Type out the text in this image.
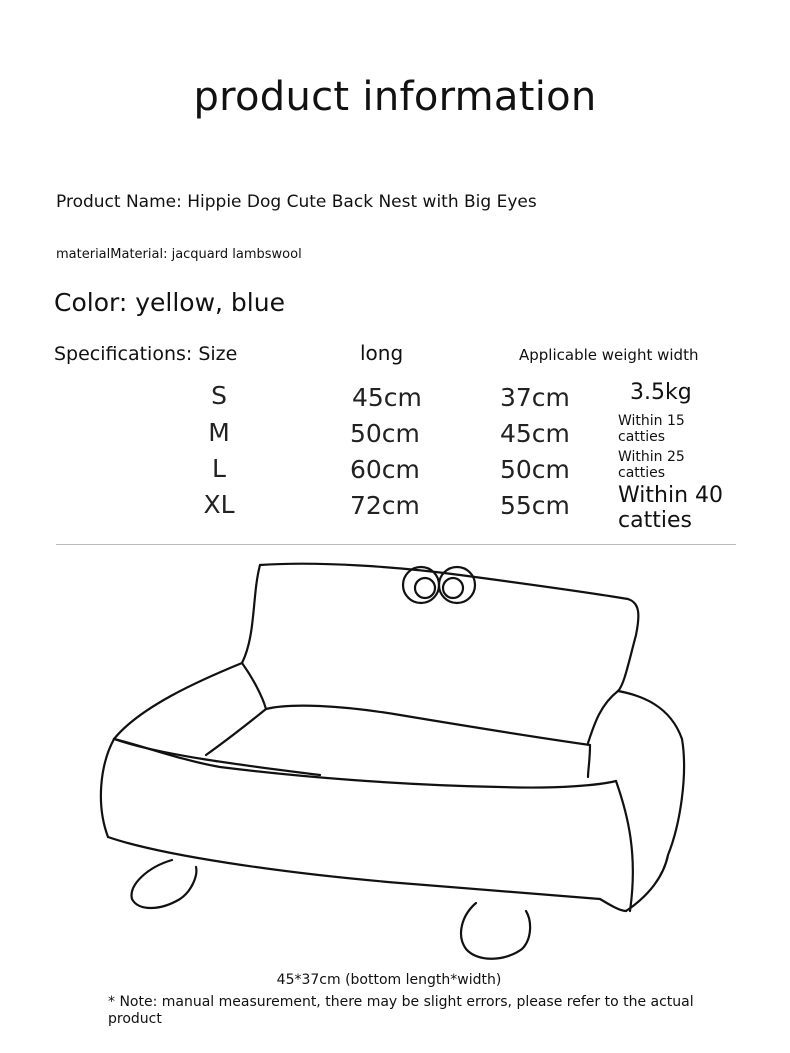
product information
Product Name: Hippie Dog Cute Back Nest with Big Eyes
materialMaterial: jacquard lambswool
Color: yellow, blue
Specifications: Size	long	Applicable weight width
S	45cm	37cm	3.5kg
M	50cm	45cm	Within 15 catties
L	60cm	50cm	Within 25 catties
XL	72cm	55cm Within 40 catties
45*37cm (bottom length*width)
* Note: manual measurement, there may be slight errors, please refer to the actual product
